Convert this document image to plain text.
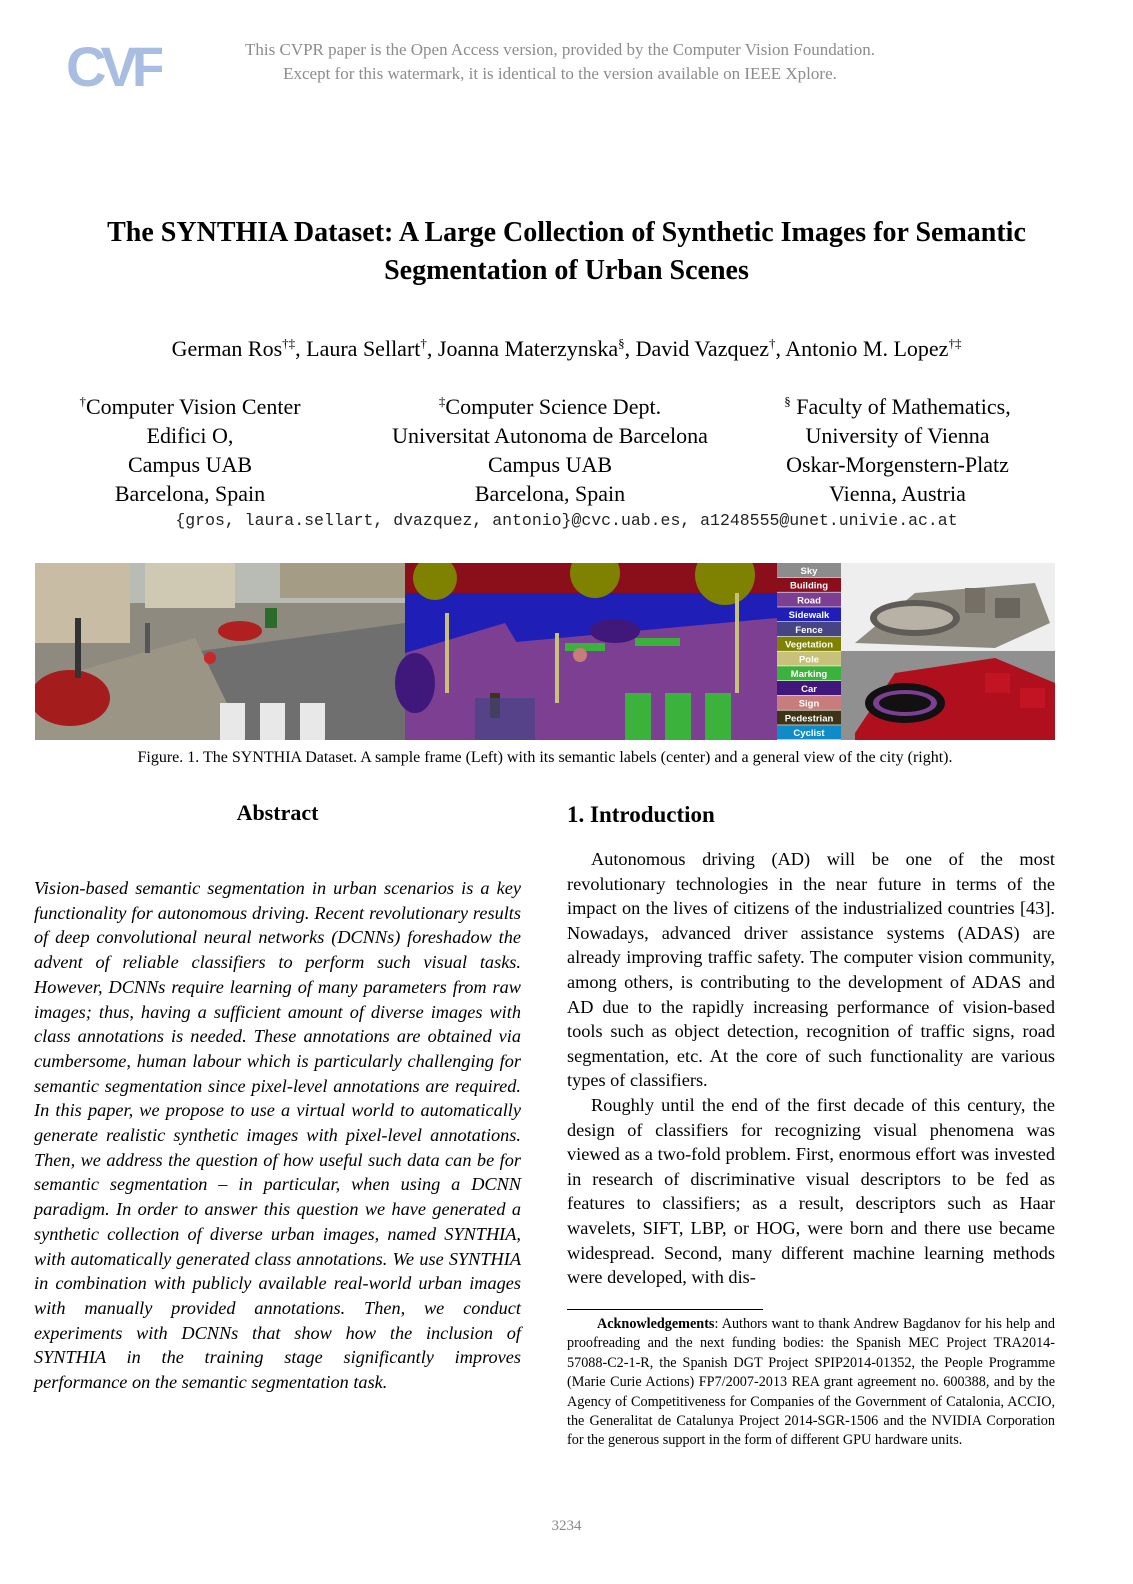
CVF	This CVPR paper is the Open Access version, provided by the Computer Vision Foundation.
Except for this watermark, it is identical to the version available on IEEE Xplore.
The SYNTHIA Dataset: A Large Collection of Synthetic Images for Semantic
Segmentation of Urban Scenes
German Ros†‡, Laura Sellart†, Joanna Materzynska§, David Vazquez†, Antonio M. Lopez†‡
†Computer Vision Center
Edifici O,
Campus UAB
Barcelona, Spain
‡Computer Science Dept.
Universitat Autonoma de Barcelona
Campus UAB
Barcelona, Spain
§ Faculty of Mathematics,
University of Vienna
Oskar-Morgenstern-Platz
Vienna, Austria
{gros, laura.sellart, dvazquez, antonio}@cvc.uab.es, a1248555@unet.univie.ac.at
Sky
Building
Road
Sidewalk
Fence
Vegetation
Pole
Marking
Car
Sign
Pedestrian
Cyclist
Figure. 1. The SYNTHIA Dataset. A sample frame (Left) with its semantic labels (center) and a general view of the city (right).
Abstract
Vision-based semantic segmentation in urban scenarios is a key functionality for autonomous driving. Recent revolutionary results of deep convolutional neural networks (DCNNs) foreshadow the advent of reliable classifiers to perform such visual tasks. However, DCNNs require learning of many parameters from raw images; thus, having a sufficient amount of diverse images with class annotations is needed. These annotations are obtained via cumbersome, human labour which is particularly challenging for semantic segmentation since pixel-level annotations are required. In this paper, we propose to use a virtual world to automatically generate realistic synthetic images with pixel-level annotations. Then, we address the question of how useful such data can be for semantic segmentation – in particular, when using a DCNN paradigm. In order to answer this question we have generated a synthetic collection of diverse urban images, named SYNTHIA, with automatically generated class annotations. We use SYNTHIA in combination with publicly available real-world urban images with manually provided annotations. Then, we conduct experiments with DCNNs that show how the inclusion of SYNTHIA in the training stage significantly improves performance on the semantic segmentation task.
1. Introduction

Autonomous driving (AD) will be one of the most revolutionary technologies in the near future in terms of the impact on the lives of citizens of the industrialized countries [43]. Nowadays, advanced driver assistance systems (ADAS) are already improving traffic safety. The computer vision community, among others, is contributing to the development of ADAS and AD due to the rapidly increasing performance of vision-based tools such as object detection, recognition of traffic signs, road segmentation, etc. At the core of such functionality are various types of classifiers.

Roughly until the end of the first decade of this century, the design of classifiers for recognizing visual phenomena was viewed as a two-fold problem. First, enormous effort was invested in research of discriminative visual descriptors to be fed as features to classifiers; as a result, descriptors such as Haar wavelets, SIFT, LBP, or HOG, were born and there use became widespread. Second, many different machine learning methods were developed, with dis-

Acknowledgements: Authors want to thank Andrew Bagdanov for his help and proofreading and the next funding bodies: the Spanish MEC Project TRA2014-57088-C2-1-R, the Spanish DGT Project SPIP2014-01352, the People Programme (Marie Curie Actions) FP7/2007-2013 REA grant agreement no. 600388, and by the Agency of Competitiveness for Companies of the Government of Catalonia, ACCIO, the Generalitat de Catalunya Project 2014-SGR-1506 and the NVIDIA Corporation for the generous support in the form of different GPU hardware units.
3234
